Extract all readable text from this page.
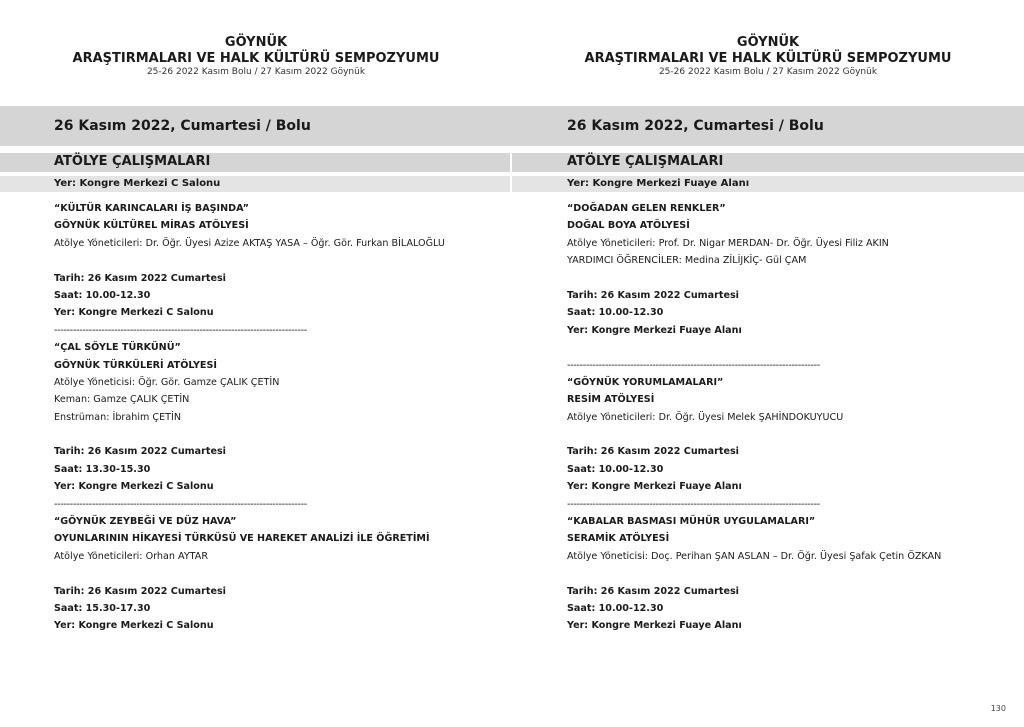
GÖYNÜK
ARAŞTIRMALARI VE HALK KÜLTÜRÜ SEMPOZYUMU
25-26 2022 Kasım Bolu / 27 Kasım 2022 Göynük
26 Kasım 2022, Cumartesi / Bolu
ATÖLYE ÇALIŞMALARI
Yer: Kongre Merkezi C Salonu
“KÜLTÜR KARINCALARI İŞ BAŞINDA”
GÖYNÜK KÜLTÜREL MİRAS ATÖLYESİ
Atölye Yöneticileri: Dr. Öğr. Üyesi Azize AKTAŞ YASA – Öğr. Gör. Furkan BİLALOĞLU
Tarih: 26 Kasım 2022 Cumartesi
Saat: 10.00-12.30
Yer: Kongre Merkezi C Salonu
--------------------------------------------------------------------------------
“ÇAL SÖYLE TÜRKÜNÜ”
GÖYNÜK TÜRKÜLERİ ATÖLYESİ
Atölye Yöneticisi: Öğr. Gör. Gamze ÇALIK ÇETİN
Keman: Gamze ÇALIK ÇETİN
Enstrüman: İbrahim ÇETİN
Tarih: 26 Kasım 2022 Cumartesi
Saat: 13.30-15.30
Yer: Kongre Merkezi C Salonu
--------------------------------------------------------------------------------
“GÖYNÜK ZEYBEĞİ VE DÜZ HAVA”
OYUNLARININ HİKAYESİ TÜRKÜSÜ VE HAREKET ANALİZİ İLE ÖĞRETİMİ
Atölye Yöneticileri: Orhan AYTAR
Tarih: 26 Kasım 2022 Cumartesi
Saat: 15.30-17.30
Yer: Kongre Merkezi C Salonu
GÖYNÜK
ARAŞTIRMALARI VE HALK KÜLTÜRÜ SEMPOZYUMU
25-26 2022 Kasım Bolu / 27 Kasım 2022 Göynük
26 Kasım 2022, Cumartesi / Bolu
ATÖLYE ÇALIŞMALARI
Yer: Kongre Merkezi Fuaye Alanı
“DOĞADAN GELEN RENKLER”
DOĞAL BOYA ATÖLYESİ
Atölye Yöneticileri: Prof. Dr. Nigar MERDAN- Dr. Öğr. Üyesi Filiz AKIN
YARDIMCI ÖĞRENCİLER: Medina ZİLİJKİÇ- Gül ÇAM
Tarih: 26 Kasım 2022 Cumartesi
Saat: 10.00-12.30
Yer: Kongre Merkezi Fuaye Alanı
--------------------------------------------------------------------------------
“GÖYNÜK YORUMLAMALARI”
RESİM ATÖLYESİ
Atölye Yöneticileri: Dr. Öğr. Üyesi Melek ŞAHİNDOKUYUCU
Tarih: 26 Kasım 2022 Cumartesi
Saat: 10.00-12.30
Yer: Kongre Merkezi Fuaye Alanı
--------------------------------------------------------------------------------
“KABALAR BASMASI MÜHÜR UYGULAMALARI”
SERAMİK ATÖLYESİ
Atölye Yöneticisi: Doç. Perihan ŞAN ASLAN – Dr. Öğr. Üyesi Şafak Çetin ÖZKAN
Tarih: 26 Kasım 2022 Cumartesi
Saat: 10.00-12.30
Yer: Kongre Merkezi Fuaye Alanı
130
